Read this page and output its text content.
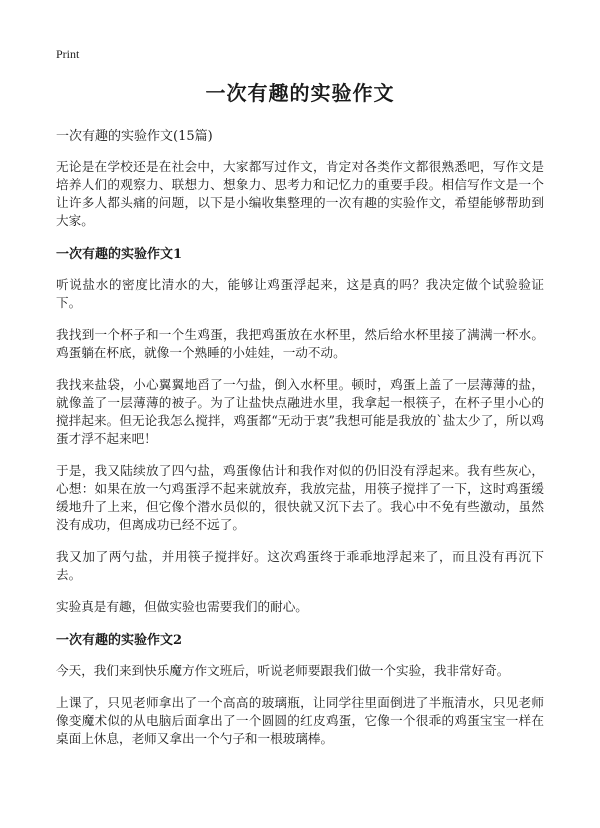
Print
一次有趣的实验作文
一次有趣的实验作文(15篇)

无论是在学校还是在社会中，大家都写过作文，肯定对各类作文都很熟悉吧，写作文是培养人们的观察力、联想力、想象力、思考力和记忆力的重要手段。相信写作文是一个让许多人都头痛的问题，以下是小编收集整理的一次有趣的实验作文，希望能够帮助到大家。

一次有趣的实验作文1

听说盐水的密度比清水的大，能够让鸡蛋浮起来，这是真的吗？我决定做个试验验证下。

我找到一个杯子和一个生鸡蛋，我把鸡蛋放在水杯里，然后给水杯里接了满满一杯水。鸡蛋躺在杯底，就像一个熟睡的小娃娃，一动不动。

我找来盐袋，小心翼翼地舀了一勺盐，倒入水杯里。顿时，鸡蛋上盖了一层薄薄的盐，就像盖了一层薄薄的被子。为了让盐快点融进水里，我拿起一根筷子，在杯子里小心的搅拌起来。但无论我怎么搅拌，鸡蛋都“无动于衷”我想可能是我放的`盐太少了，所以鸡蛋才浮不起来吧！

于是，我又陆续放了四勺盐，鸡蛋像估计和我作对似的仍旧没有浮起来。我有些灰心，心想：如果在放一勺鸡蛋浮不起来就放弃，我放完盐，用筷子搅拌了一下，这时鸡蛋缓缓地升了上来，但它像个潜水员似的，很快就又沉下去了。我心中不免有些激动，虽然没有成功，但离成功已经不远了。

我又加了两勺盐，并用筷子搅拌好。这次鸡蛋终于乖乖地浮起来了，而且没有再沉下去。

实验真是有趣，但做实验也需要我们的耐心。

一次有趣的实验作文2

今天，我们来到快乐魔方作文班后，听说老师要跟我们做一个实验，我非常好奇。

上课了，只见老师拿出了一个高高的玻璃瓶，让同学往里面倒进了半瓶清水，只见老师像变魔术似的从电脑后面拿出了一个圆圆的红皮鸡蛋，它像一个很乖的鸡蛋宝宝一样在桌面上休息，老师又拿出一个勺子和一根玻璃棒。
